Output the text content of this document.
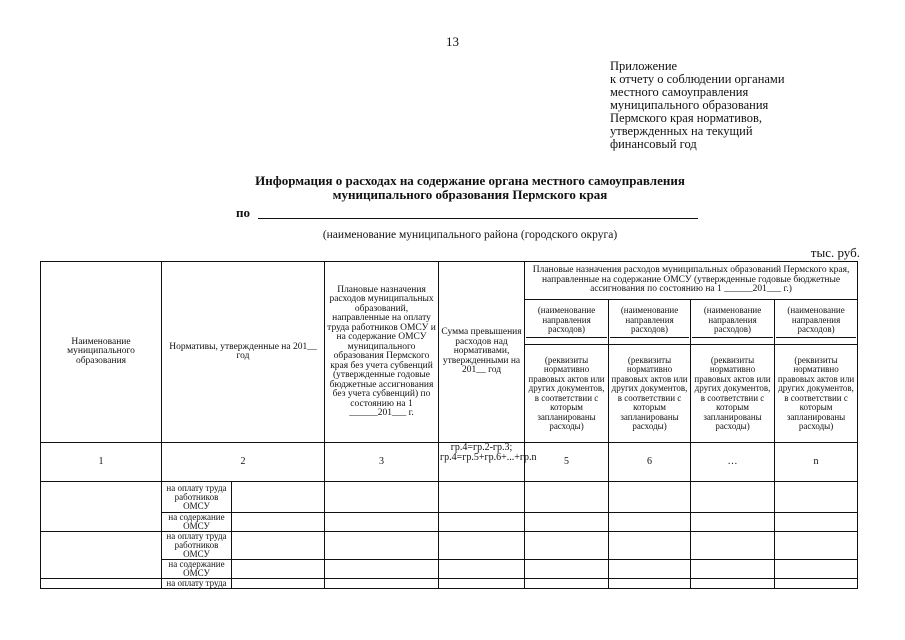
13
Приложение
к отчету о соблюдении органами
местного самоуправления
муниципального образования
Пермского края нормативов,
утвержденных на текущий
финансовый год
Информация о расходах на содержание органа местного самоуправления
муниципального образования Пермского края
по
(наименование муниципального района (городского округа)
тыс. руб.
Наименование муниципального образования	Нормативы, утвержденные на 201__ год		Плановые назначения расходов муниципальных образований, направленные на оплату труда работников ОМСУ и на содержание ОМСУ муниципального образования Пермского края без учета субвенций (утвержденные годовые бюджетные ассигнования без учета субвенций) по состоянию на 1 ______201___ г.	Сумма превышения расходов над нормативами, утвержденными на 201__ год	Плановые назначения расходов муниципальных образований Пермского края, направленные на содержание ОМСУ (утвержденные годовые бюджетные ассигнования по состоянию на 1 ______201___ г.)			
					(наименование направления расходов)	(наименование направления расходов)	(наименование направления расходов)	(наименование направления расходов)
					(реквизиты нормативно правовых актов или других документов, в соответствии с которым запланированы расходы)	(реквизиты нормативно правовых актов или других документов, в соответствии с которым запланированы расходы)	(реквизиты нормативно правовых актов или других документов, в соответствии с которым запланированы расходы)	(реквизиты нормативно правовых актов или других документов, в соответствии с которым запланированы расходы)
1	2		3	гр.4=гр.2-гр.3; гр.4=гр.5+гр.6+...+гр.n	5	6	…	n
	на оплату труда работников ОМСУ							
	на содержание ОМСУ							
	на оплату труда работников ОМСУ							
	на содержание ОМСУ							
	на оплату труда							
